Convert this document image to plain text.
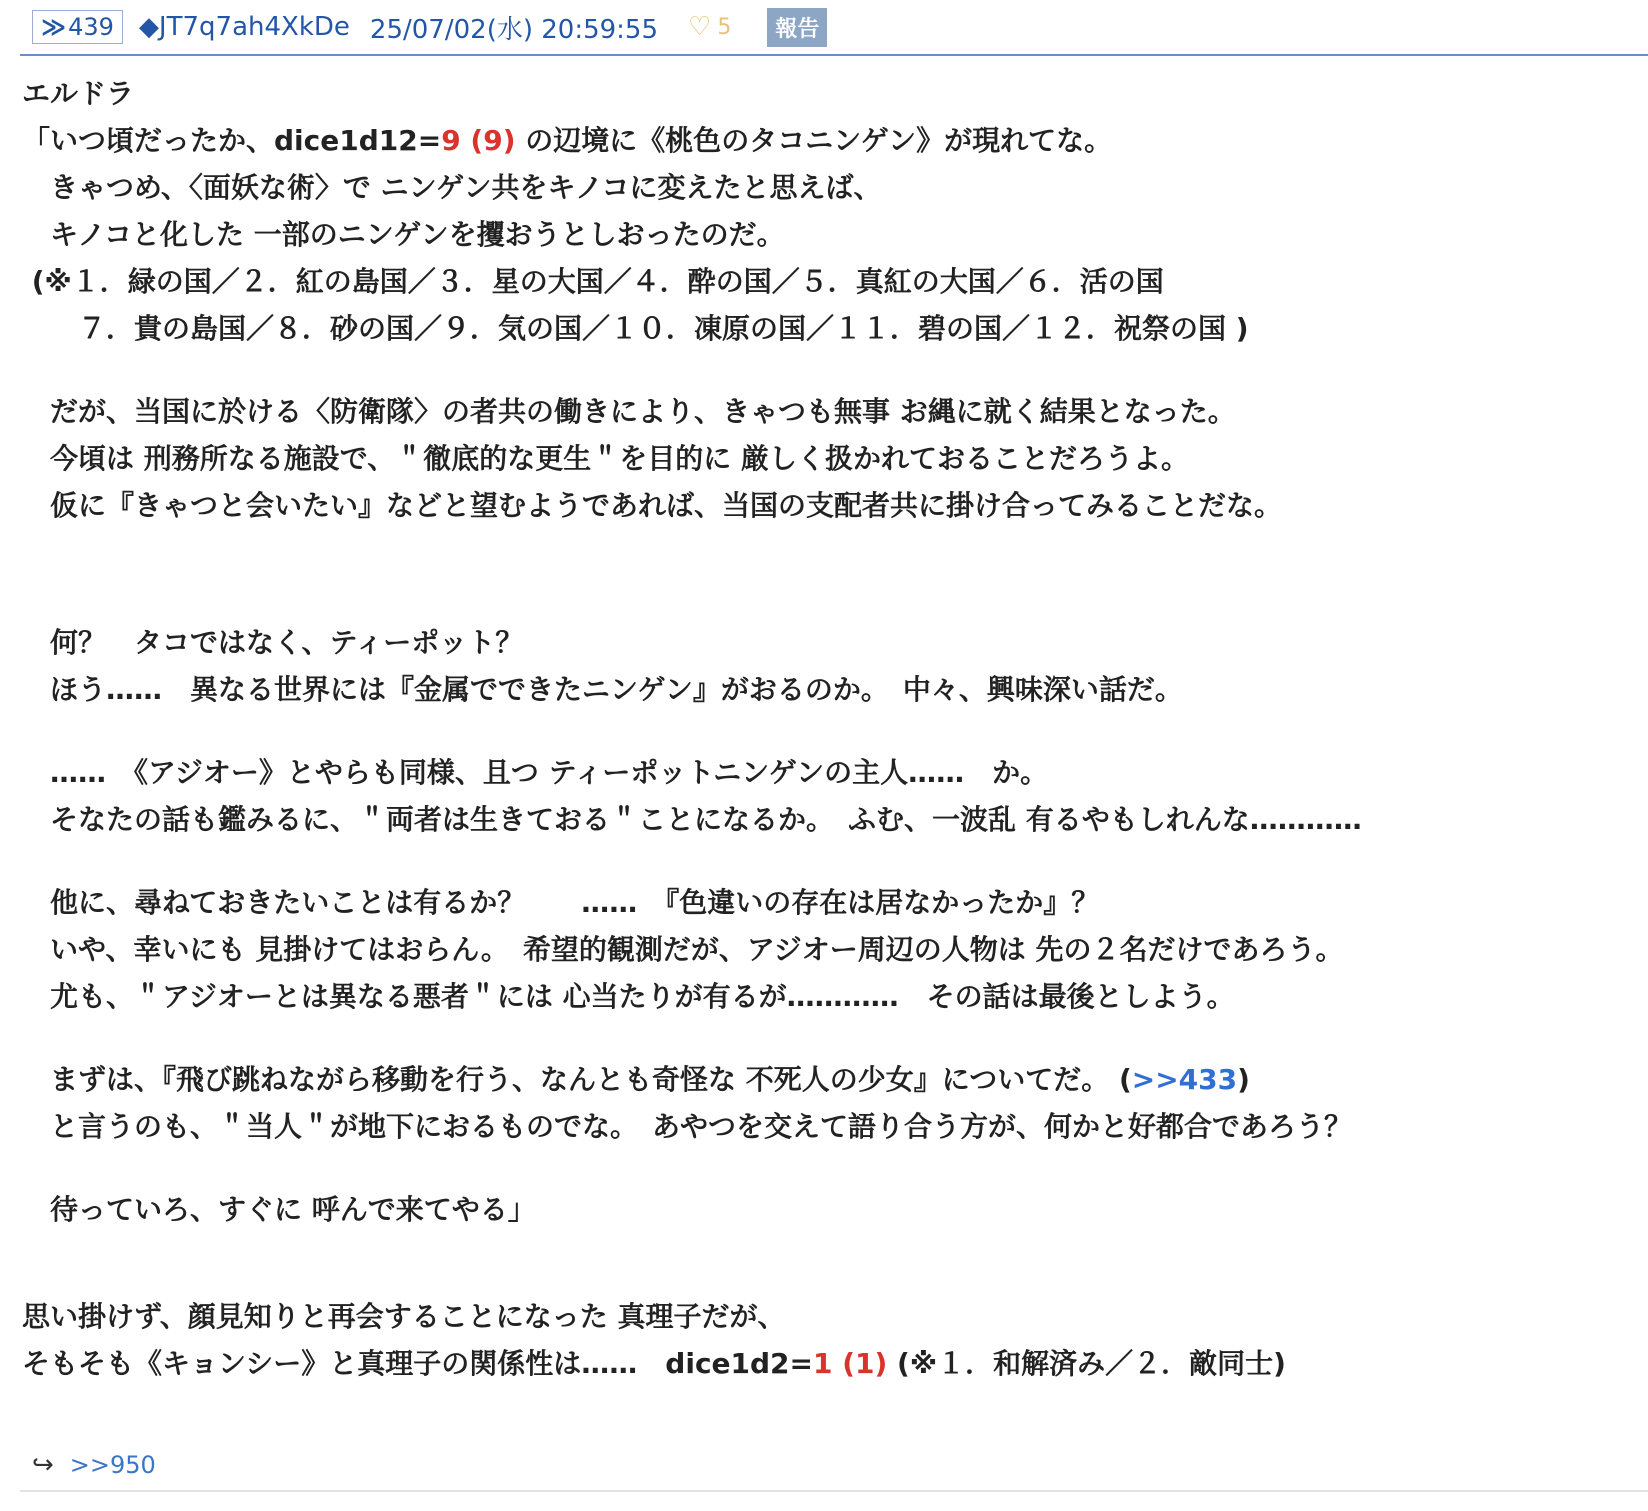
≫ 439 ◆JT7q7ah4XkDe 25/07/02(水) 20:59:55 ♡ 5	報告
エルドラ
「いつ頃だったか、dice1d12=9 (9) の辺境に《桃色のタコニンゲン》が現れてな。
　きゃつめ、〈面妖な術〉で ニンゲン共をキノコに変えたと思えば、
　キノコと化した 一部のニンゲンを攫おうとしおったのだ。
(※１．緑の国／２．紅の島国／３．星の大国／４．酔の国／５．真紅の大国／６．活の国
　　７．貴の島国／８．砂の国／９．気の国／１０．凍原の国／１１．碧の国／１２．祝祭の国 )
　だが、当国に於ける〈防衛隊〉の者共の働きにより、きゃつも無事 お縄に就く結果となった。
　今頃は 刑務所なる施設で、＂徹底的な更生＂を目的に 厳しく扱かれておることだろうよ。
　仮に『きゃつと会いたい』などと望むようであれば、当国の支配者共に掛け合ってみることだな。
　何？　タコではなく、ティーポット？
　ほう……　異なる世界には『金属でできたニンゲン』がおるのか。　中々、興味深い話だ。
　……　《アジオー》とやらも同様、且つ ティーポットニンゲンの主人……　か。
　そなたの話も鑑みるに、＂両者は生きておる＂ことになるか。　ふむ、一波乱 有るやもしれんな…………
　他に、尋ねておきたいことは有るか？　　……　『色違いの存在は居なかったか』？
　いや、幸いにも 見掛けてはおらん。　希望的観測だが、アジオー周辺の人物は 先の２名だけであろう。
　尤も、＂アジオーとは異なる悪者＂には 心当たりが有るが…………　その話は最後としよう。
　まずは、『飛び跳ねながら移動を行う、なんとも奇怪な 不死人の少女』についてだ。 (>>433)
　と言うのも、＂当人＂が地下におるものでな。　あやつを交えて語り合う方が、何かと好都合であろう？
　待っていろ、すぐに 呼んで来てやる」
思い掛けず、顔見知りと再会することになった 真理子だが、
そもそも《キョンシー》と真理子の関係性は……　dice1d2=1 (1) (※１．和解済み／２．敵同士)
↩ >>950
